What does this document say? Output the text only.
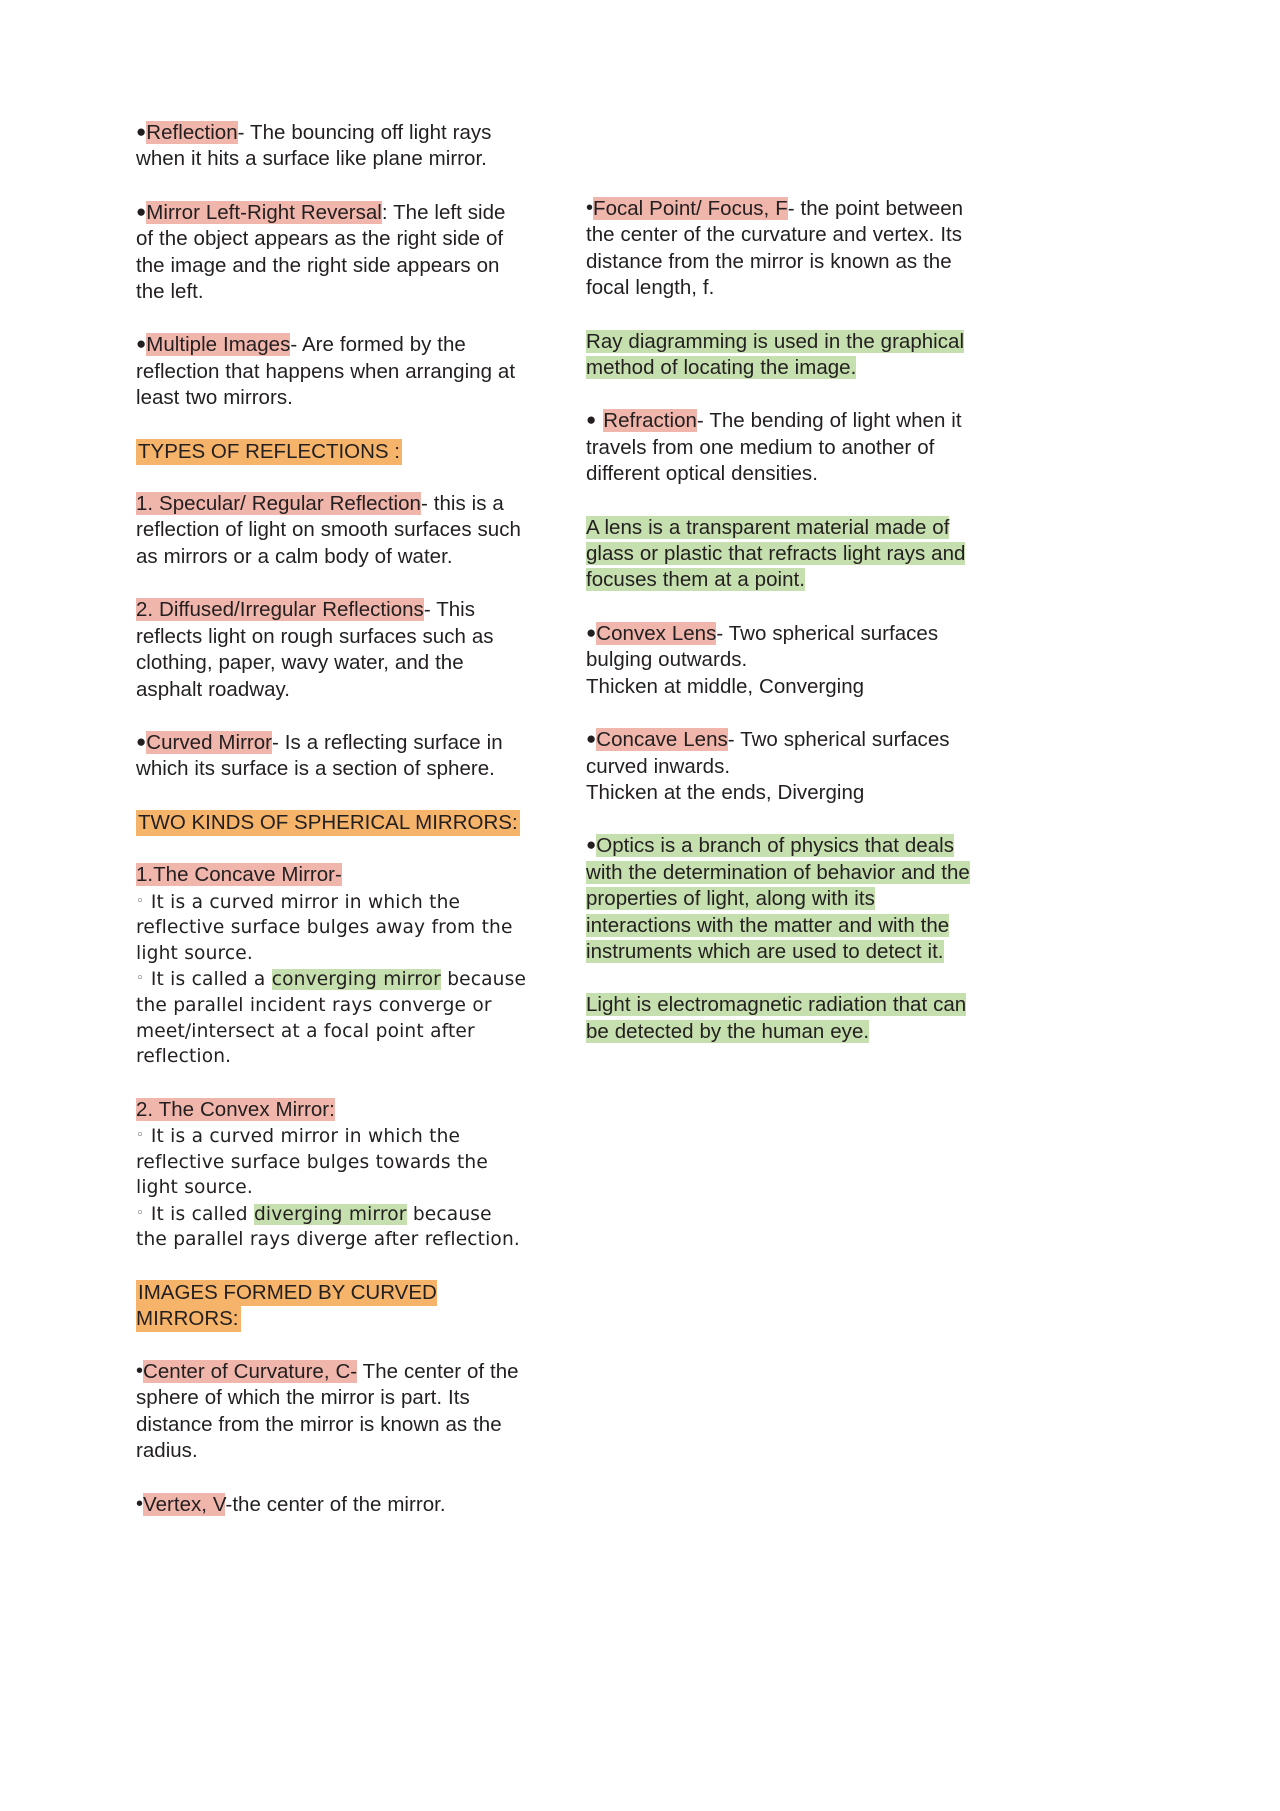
●Reflection- The bouncing off light rays when it hits a surface like plane mirror.

●Mirror Left-Right Reversal: The left side of the object appears as the right side of the image and the right side appears on the left.

●Multiple Images- Are formed by the reflection that happens when arranging at least two mirrors.

TYPES OF REFLECTIONS :

1. Specular/ Regular Reflection- this is a reflection of light on smooth surfaces such as mirrors or a calm body of water.

2. Diffused/Irregular Reflections- This reflects light on rough surfaces such as clothing, paper, wavy water, and the asphalt roadway.

●Curved Mirror- Is a reflecting surface in which its surface is a section of sphere.

TWO KINDS OF SPHERICAL MIRRORS:

1.The Concave Mirror-

◦ It is a curved mirror in which the reflective surface bulges away from the light source.

◦ It is called a converging mirror because the parallel incident rays converge or meet/intersect at a focal point after reflection.

2. The Convex Mirror:

◦ It is a curved mirror in which the reflective surface bulges towards the light source.

◦ It is called diverging mirror because the parallel rays diverge after reflection.

IMAGES FORMED BY CURVED MIRRORS:

•Center of Curvature, C- The center of the sphere of which the mirror is part. Its distance from the mirror is known as the radius.

•Vertex, V-the center of the mirror.

•Focal Point/ Focus, F- the point between the center of the curvature and vertex. Its distance from the mirror is known as the focal length, f.

Ray diagramming is used in the graphical method of locating the image.

● Refraction- The bending of light when it travels from one medium to another of different optical densities.

A lens is a transparent material made of glass or plastic that refracts light rays and focuses them at a point.

●Convex Lens- Two spherical surfaces bulging outwards.

Thicken at middle, Converging

●Concave Lens- Two spherical surfaces curved inwards.

Thicken at the ends, Diverging

●Optics is a branch of physics that deals with the determination of behavior and the properties of light, along with its interactions with the matter and with the instruments which are used to detect it.

Light is electromagnetic radiation that can be detected by the human eye.
